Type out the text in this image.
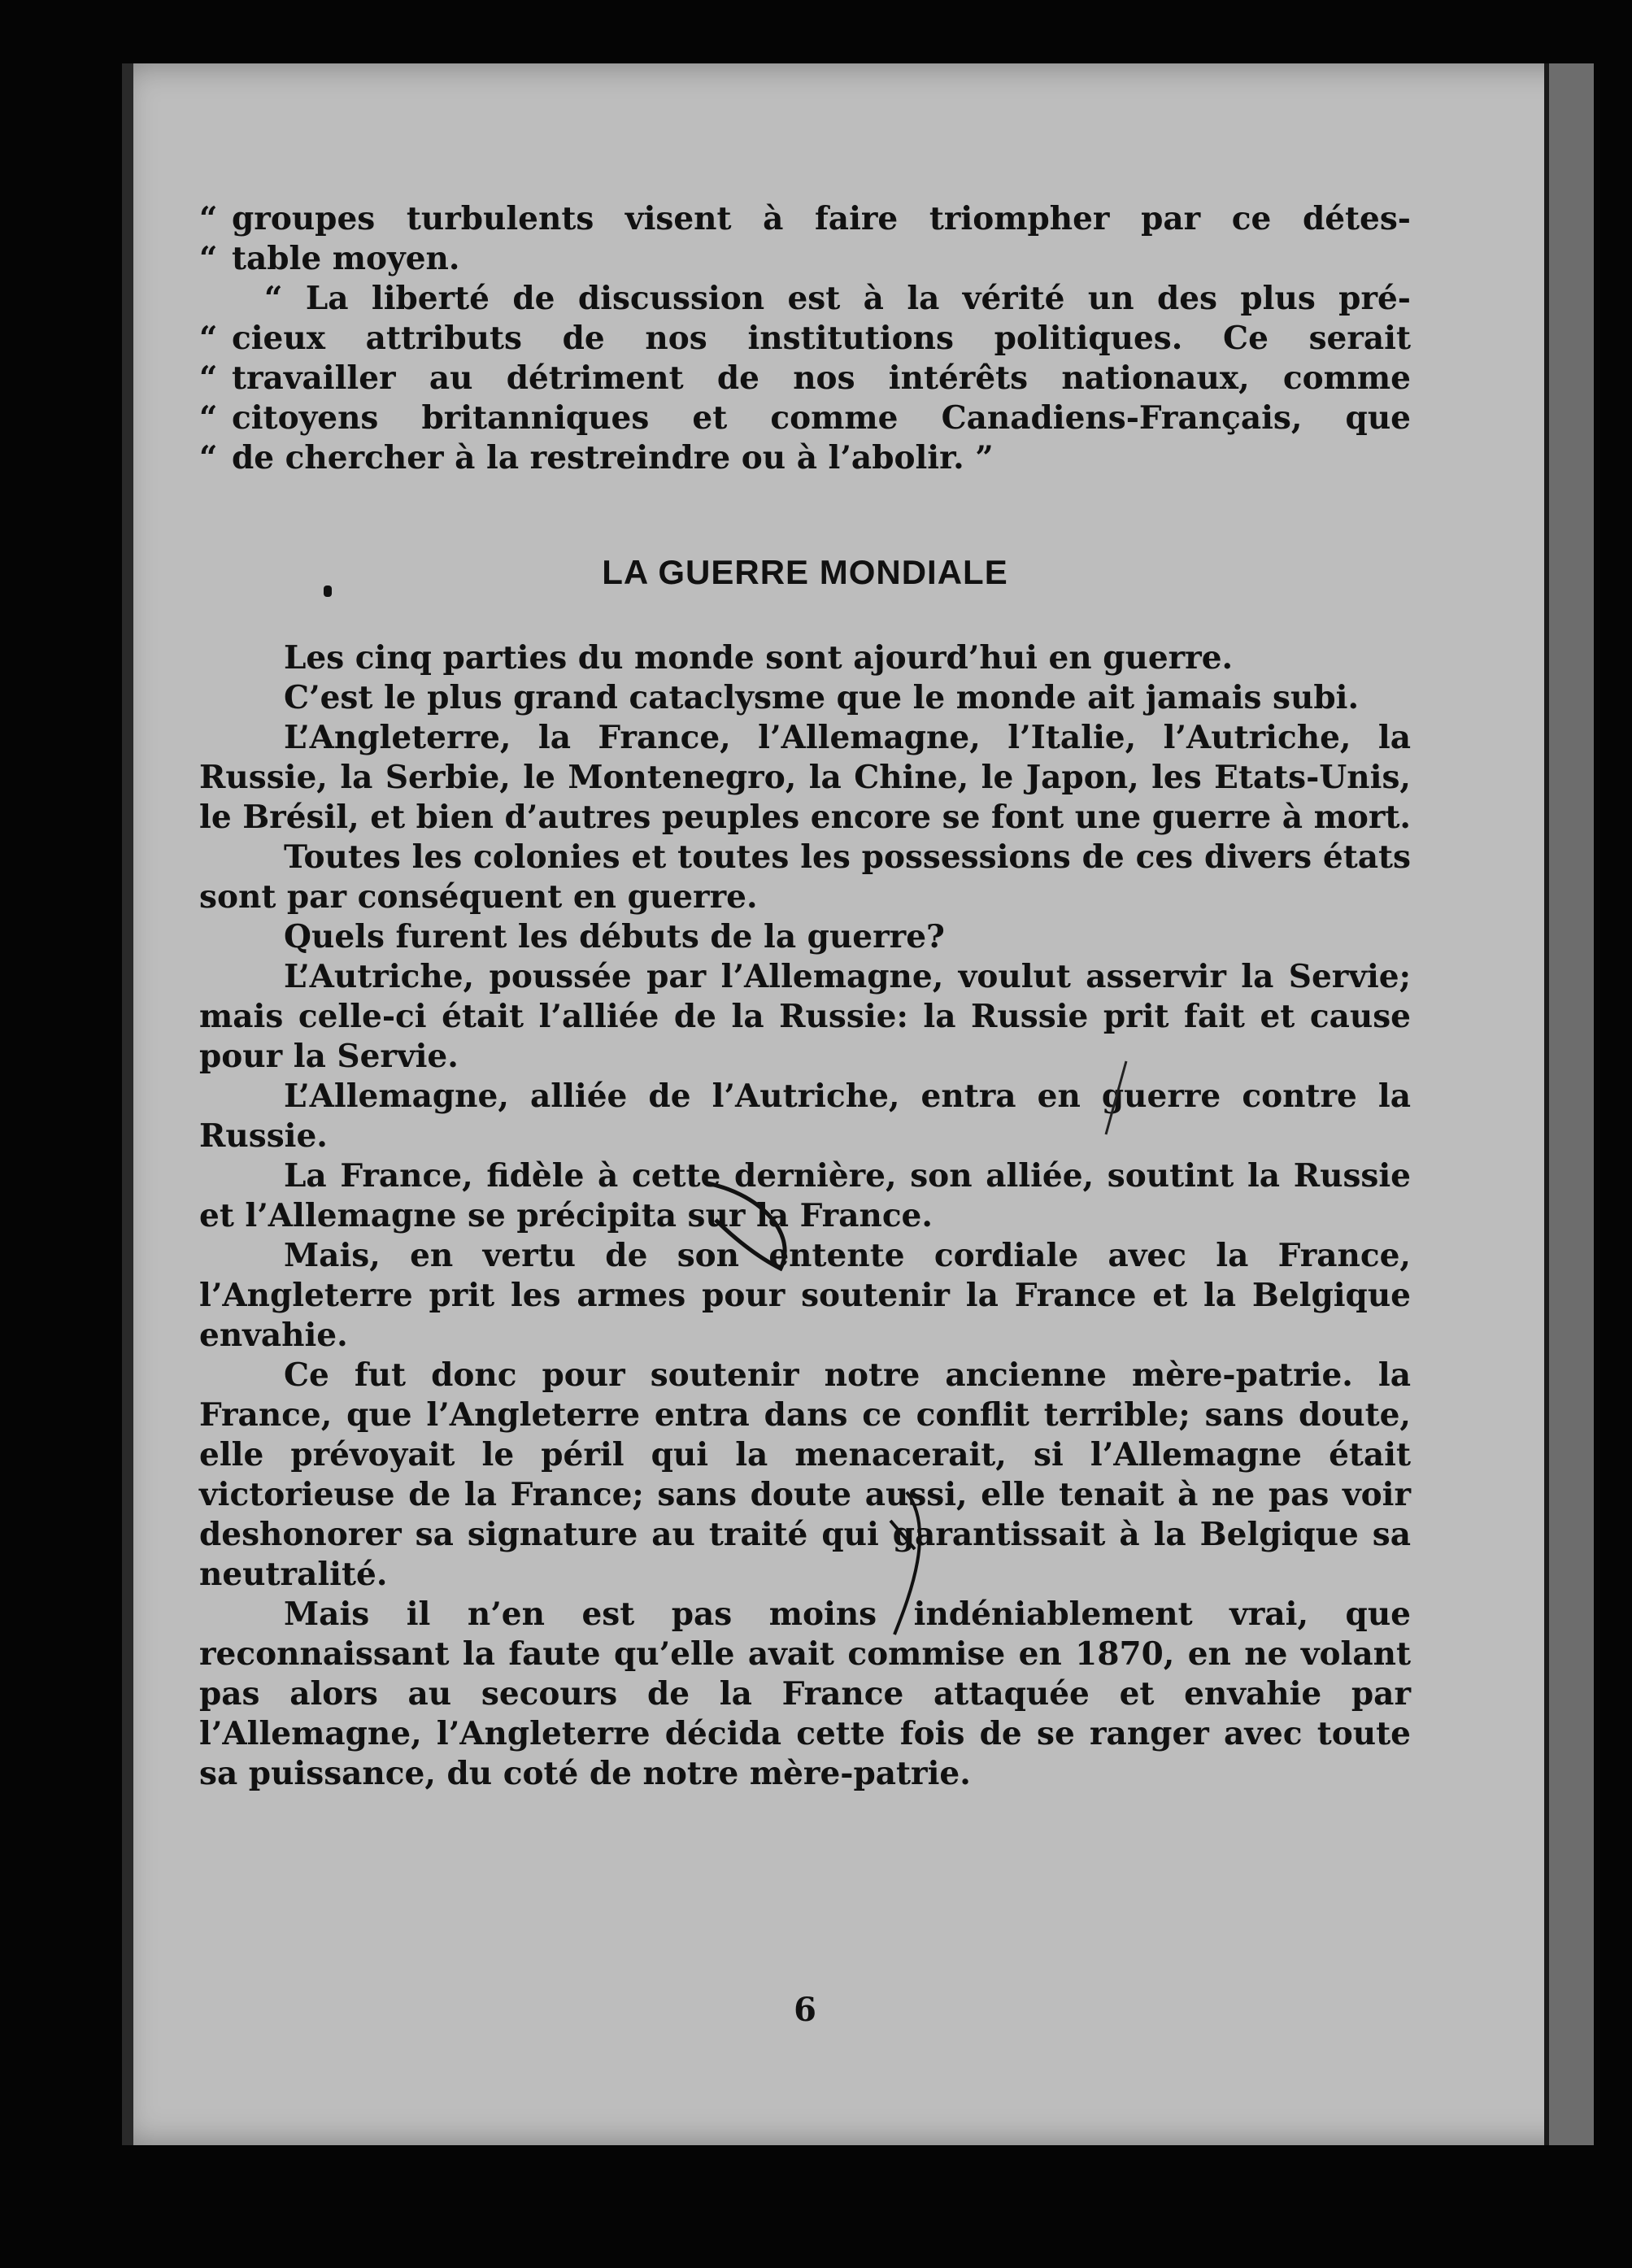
“ groupes turbulents visent à faire triompher par ce détes-
“ table moyen.
“ La liberté de discussion est à la vérité un des plus pré-
“ cieux attributs de nos institutions politiques. Ce serait
“ travailler au détriment de nos intérêts nationaux, comme
“ citoyens britanniques et comme Canadiens-Français, que
“ de chercher à la restreindre ou à l’abolir. ”
LA GUERRE MONDIALE

Les cinq parties du monde sont ajourd’hui en guerre.

C’est le plus grand cataclysme que le monde ait jamais subi.

L’Angleterre, la France, l’Allemagne, l’Italie, l’Autriche, la Russie, la Serbie, le Montenegro, la Chine, le Japon, les Etats-Unis, le Brésil, et bien d’autres peuples encore se font une guerre à mort.

Toutes les colonies et toutes les possessions de ces divers états sont par conséquent en guerre.

Quels furent les débuts de la guerre?

L’Autriche, poussée par l’Allemagne, voulut asservir la Servie; mais celle-ci était l’alliée de la Russie: la Russie prit fait et cause pour la Servie.

L’Allemagne, alliée de l’Autriche, entra en guerre contre la Russie.

La France, fidèle à cette dernière, son alliée, soutint la Russie et l’Allemagne se précipita sur la France.

Mais, en vertu de son entente cordiale avec la France, l’Angleterre prit les armes pour soutenir la France et la Belgique envahie.

Ce fut donc pour soutenir notre ancienne mère-patrie. la France, que l’Angleterre entra dans ce conflit terrible; sans doute, elle prévoyait le péril qui la menacerait, si l’Allemagne était victorieuse de la France; sans doute aussi, elle tenait à ne pas voir deshonorer sa signature au traité qui garantissait à la Belgique sa neutralité.

Mais il n’en est pas moins indéniablement vrai, que reconnaissant la faute qu’elle avait commise en 1870, en ne volant pas alors au secours de la France attaquée et envahie par l’Allemagne, l’Angleterre décida cette fois de se ranger avec toute sa puissance, du coté de notre mère-patrie.

6
